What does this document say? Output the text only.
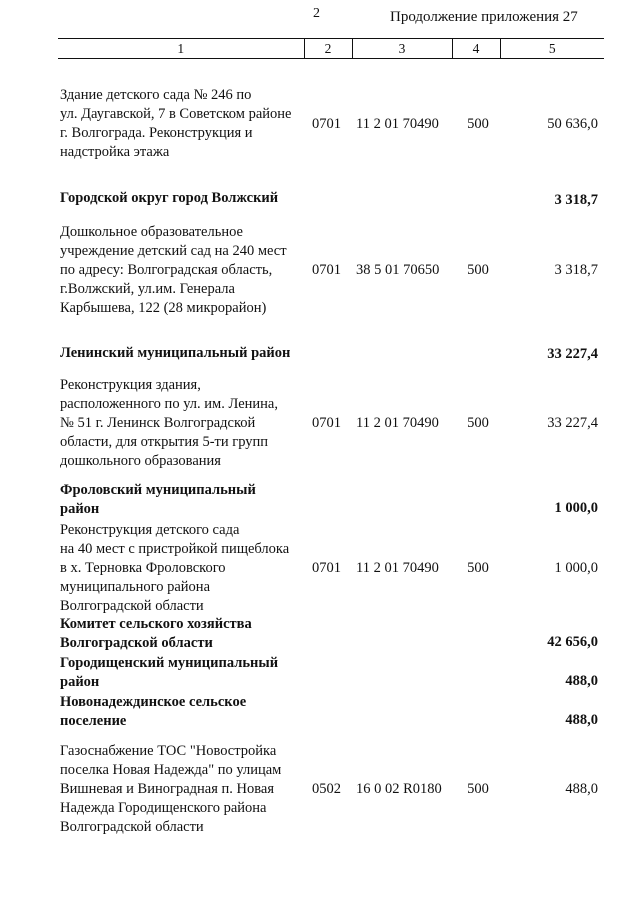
2	Продолжение приложения 27
1	2	3	4	5
Здание детского сада № 246 по
ул. Даугавской, 7 в Советском районе
г. Волгограда. Реконструкция и
надстройка этажа
0701	11 2 01 70490	500	50 636,0
Городской округ город Волжский	3 318,7
Дошкольное образовательное
учреждение детский сад на 240 мест
по адресу: Волгоградская область,
г.Волжский, ул.им. Генерала
Карбышева, 122 (28 микрорайон)
0701	38 5 01 70650	500	3 318,7
Ленинский муниципальный район	33 227,4
Реконструкция здания,
расположенного по ул. им. Ленина,
№ 51 г. Ленинск Волгоградской
области, для открытия 5-ти групп
дошкольного образования
0701	11 2 01 70490	500	33 227,4
Фроловский муниципальный
район	1 000,0
Реконструкция детского сада
на 40 мест с пристройкой пищеблока
в х. Терновка Фроловского
муниципального района
Волгоградской области
0701	11 2 01 70490	500	1 000,0
Комитет сельского хозяйства
Волгоградской области	42 656,0
Городищенский муниципальный
район	488,0
Новонадеждинское сельское
поселение	488,0
Газоснабжение ТОС "Новостройка
поселка Новая Надежда" по улицам
Вишневая и Виноградная п. Новая
Надежда Городищенского района
Волгоградской области
0502	16 0 02 R0180	500	488,0
